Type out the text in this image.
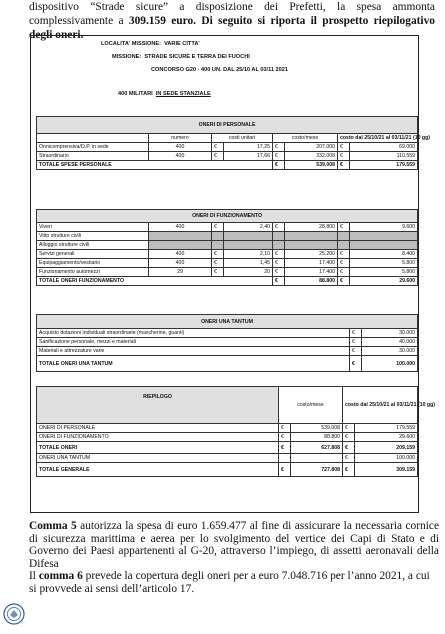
dispositivo “Strade sicure” a disposizione dei Prefetti, la spesa ammonta complessivamente a 309.159 euro. Di seguito si riporta il prospetto riepilogativo degli oneri.
LOCALITA' MISSIONE: VARIE CITTA'
MISSIONE: STRADE SICURE E TERRA DEI FUOCHI
CONCORSO G20 - 400 UN. DAL 25/10 AL 03/11 2021
400 MILITARI IN SEDE STANZIALE
ONERI DI PERSONALE							
	numero	costi unitari		costo/mese		costo dal 25/10/21 al 03/11/21 (10 gg)	
Onnicomprensiva/O.P. in sede	400	€	17,25	€	207.000	€	69.000
Straordinario	400	€	17,66	€	332.008	€	110.559
TOTALE SPESE PERSONALE				€	539.008	€	179.559
ONERI DI FUNZIONAMENTO							
Viveri	400	€	2,40	€	28.800	€	9.600
Vitto strutture civili							
Alloggio strutture civili							
Servizi generali	400	€	2,10	€	25.200	€	8.400
Equipaggiamento/vestiario	400	€	1,45	€	17.400	€	5.800
Funzionamento automezzi	29	€	20	€	17.400	€	5.800
TOTALE ONERI FUNZIONAMENTO				€	88.800	€	29.600
ONERI UNA TANTUM		
Acquisto dotazioni individuali straordinarie (mascherine, guanti)	€	30.000
Sanificazione personale, mezzi e materiali	€	40.000
Materiali e attrezzature varie	€	30.000
TOTALE ONERI UNA TANTUM	€	100.000
RIEPILOGO	costo/mese		costo dal 25/10/21 al 03/11/21 (10 gg)	
ONERI DI PERSONALE	€	539.008	€	179.559
ONERI DI FUNZIONAMENTO	€	88.800	€	29.600
TOTALE ONERI	€	627.808	€	209.159
ONERI UNA TANTUM			€	100.000
TOTALE GENERALE	€	727.808	€	309.159
Comma 5 autorizza la spesa di euro 1.659.477 al fine di assicurare la necessaria cornice di sicurezza marittima e aerea per lo svolgimento del vertice dei Capi di Stato e di Governo dei Paesi appartenenti al G-20, attraverso l’impiego, di assetti aeronavali della Difesa
Il comma 6 prevede la copertura degli oneri per a euro 7.048.716 per l’anno 2021, a cui si provvede ai sensi dell’articolo 17.
